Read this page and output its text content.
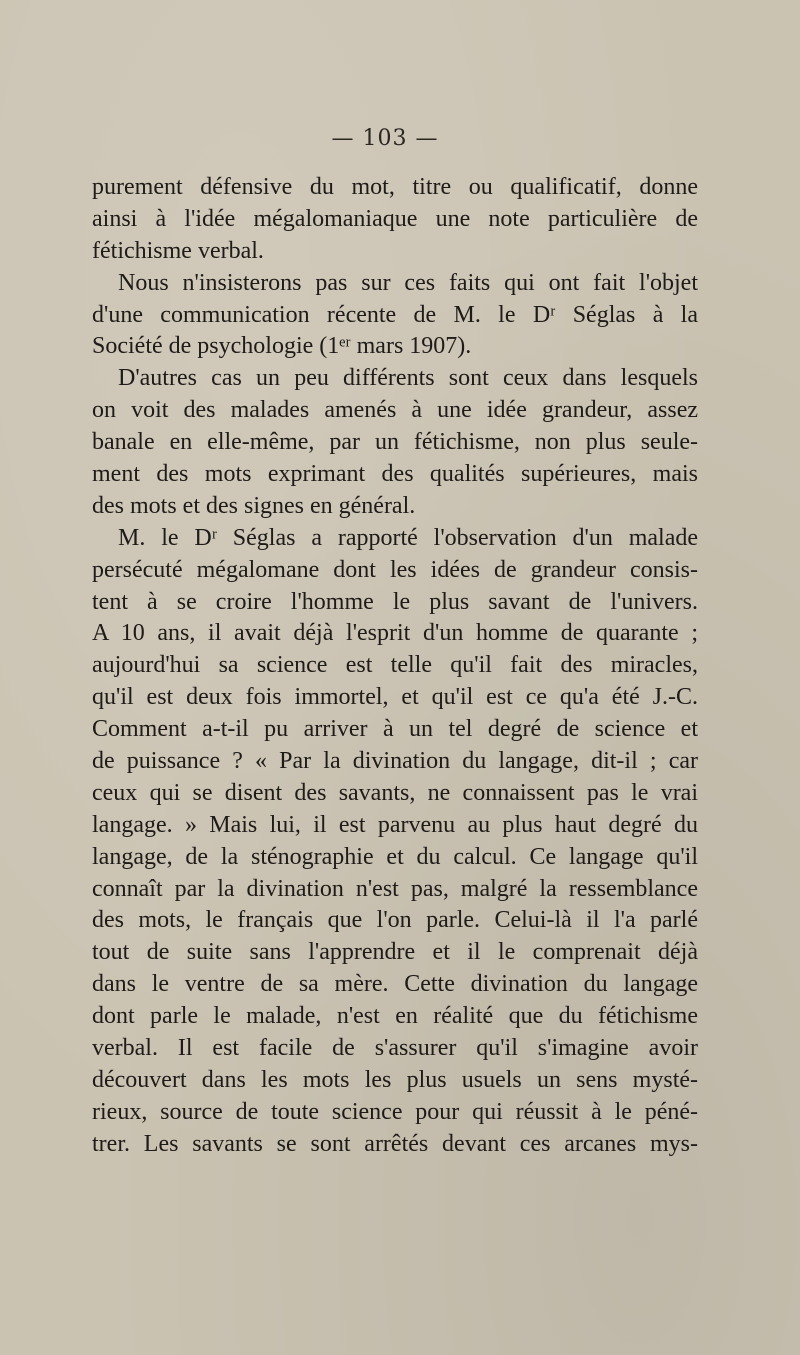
— 103 —
purement défensive du mot, titre ou qualificatif, donne
ainsi à l'idée mégalomaniaque une note particulière de
fétichisme verbal.
Nous n'insisterons pas sur ces faits qui ont fait l'objet
d'une communication récente de M. le Dʳ Séglas à la
Société de psychologie (1ᵉʳ mars 1907).
D'autres cas un peu différents sont ceux dans lesquels
on voit des malades amenés à une idée grandeur, assez
banale en elle-même, par un fétichisme, non plus seule-
ment des mots exprimant des qualités supérieures, mais
des mots et des signes en général.
M. le Dʳ Séglas a rapporté l'observation d'un malade
persécuté mégalomane dont les idées de grandeur consis-
tent à se croire l'homme le plus savant de l'univers.
A 10 ans, il avait déjà l'esprit d'un homme de quarante ;
aujourd'hui sa science est telle qu'il fait des miracles,
qu'il est deux fois immortel, et qu'il est ce qu'a été J.-C.
Comment a-t-il pu arriver à un tel degré de science et
de puissance ? « Par la divination du langage, dit-il ; car
ceux qui se disent des savants, ne connaissent pas le vrai
langage. » Mais lui, il est parvenu au plus haut degré du
langage, de la sténographie et du calcul. Ce langage qu'il
connaît par la divination n'est pas, malgré la ressemblance
des mots, le français que l'on parle. Celui-là il l'a parlé
tout de suite sans l'apprendre et il le comprenait déjà
dans le ventre de sa mère. Cette divination du langage
dont parle le malade, n'est en réalité que du fétichisme
verbal. Il est facile de s'assurer qu'il s'imagine avoir
découvert dans les mots les plus usuels un sens mysté-
rieux, source de toute science pour qui réussit à le péné-
trer. Les savants se sont arrêtés devant ces arcanes mys-
